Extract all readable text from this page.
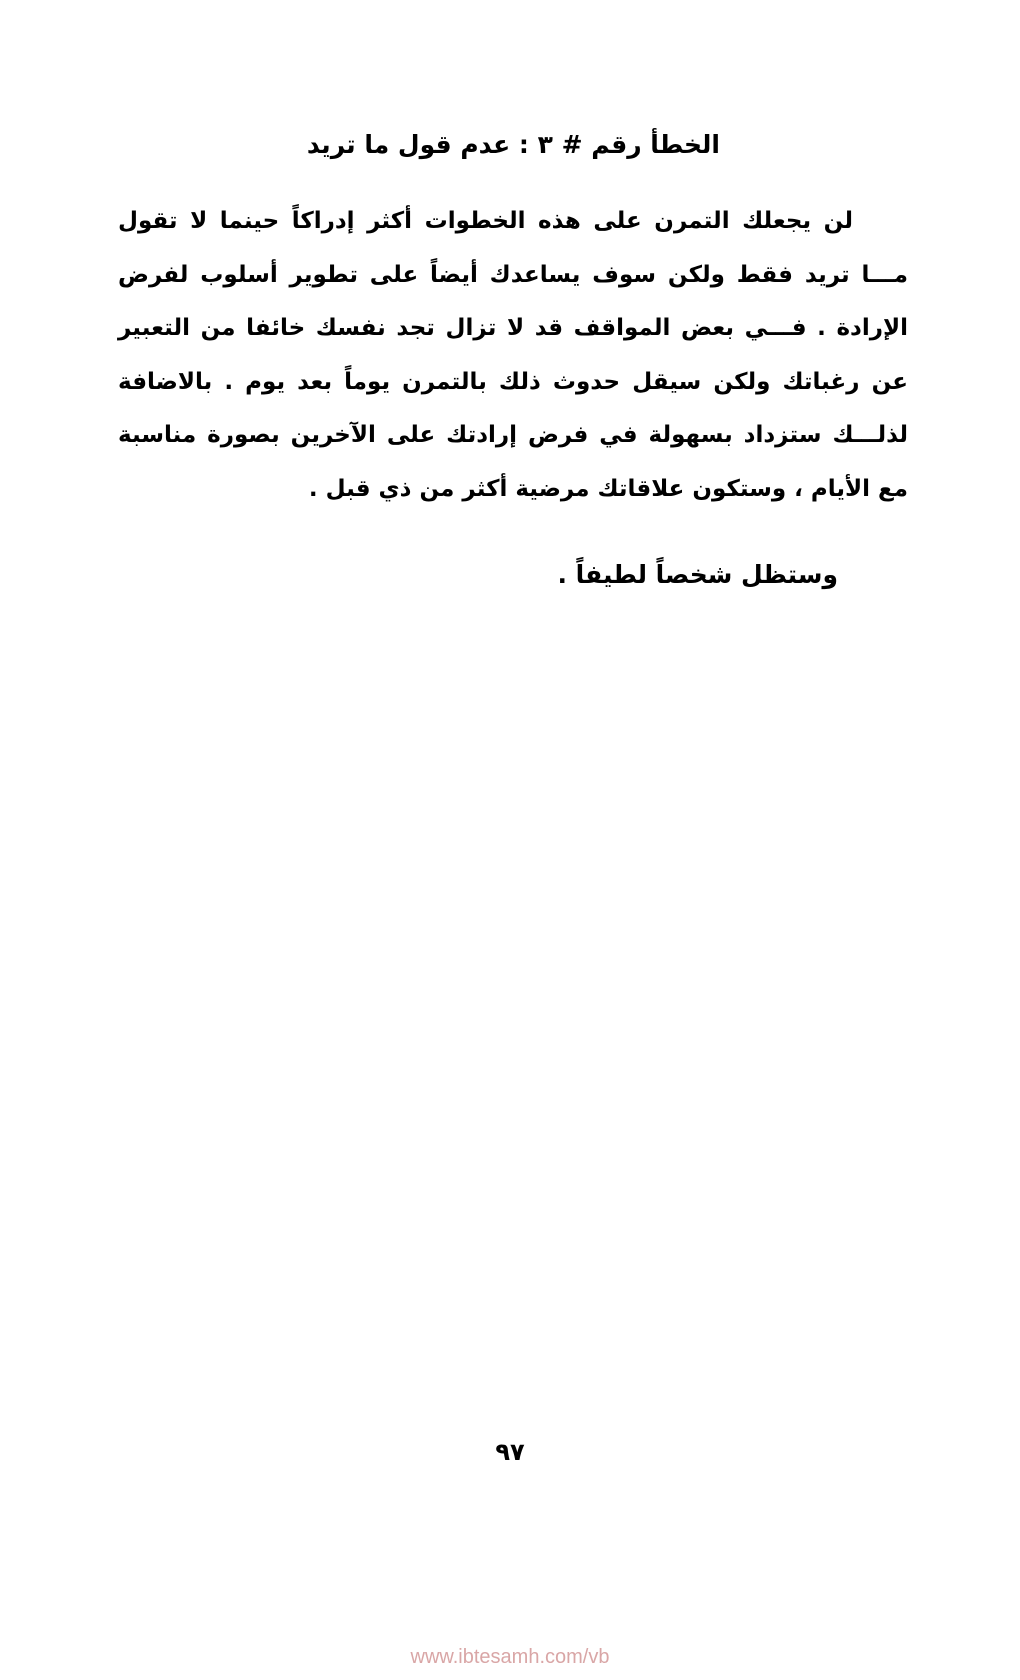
الخطأ رقم # ٣ : عدم قول ما تريد
لن يجعلك التمرن على هذه الخطوات أكثر إدراكاً حينما لا تقول
مـــا تريد فقط ولكن سوف يساعدك أيضاً على تطوير أسلوب لفرض
الإرادة . فـــي بعض المواقف قد لا تزال تجد نفسك خائفا من التعبير
عن رغباتك ولكن سيقل حدوث ذلك بالتمرن يوماً بعد يوم . بالاضافة
لذلـــك ستزداد بسهولة في فرض إرادتك على الآخرين بصورة مناسبة
مع الأيام ، وستكون علاقاتك مرضية أكثر من ذي قبل .
وستظل شخصاً لطيفاً .
٩٧
www.ibtesamh.com/vb
